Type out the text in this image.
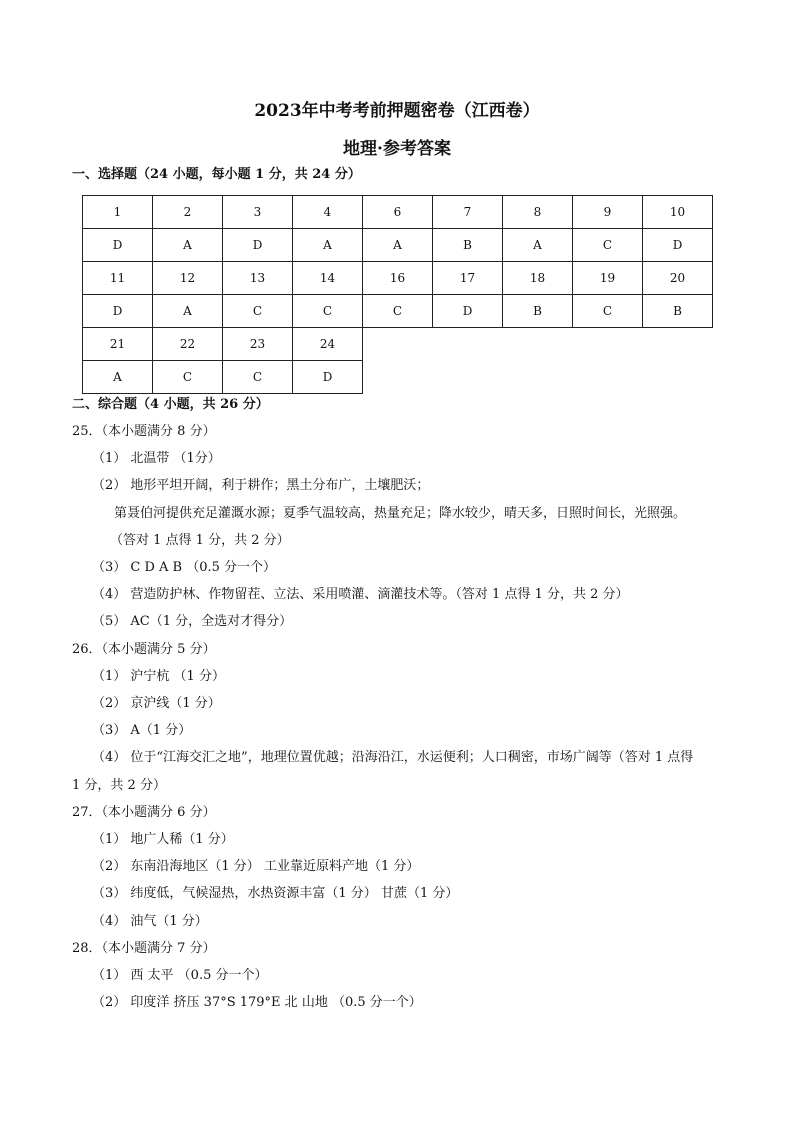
2023年中考考前押题密卷（江西卷）
地理·参考答案
一、选择题（24 小题，每小题 1 分，共 24 分）
1	2	3	4	6	7	8	9	10
D	A	D	A	A	B	A	C	D
11	12	13	14	16	17	18	19	20
D	A	C	C	C	D	B	C	B
21	22	23	24					
A	C	C	D					
二、综合题（4 小题，共 26 分）
25．（本小题满分 8 分）
（1） 北温带 （1分）
（2） 地形平坦开阔，利于耕作；黑土分布广，土壤肥沃；
第聂伯河提供充足灌溉水源；夏季气温较高，热量充足；降水较少，晴天多，日照时间长，光照强。
（答对 1 点得 1 分，共 2 分）
（3） C D A B （0.5 分一个）
（4） 营造防护林、作物留茬、立法、采用喷灌、滴灌技术等。（答对 1 点得 1 分，共 2 分）
（5） AC（1 分，全选对才得分）
26．（本小题满分 5 分）
（1） 沪宁杭 （1 分）
（2） 京沪线（1 分）
（3） A（1 分）
（4） 位于“江海交汇之地”，地理位置优越；沿海沿江，水运便利；人口稠密，市场广阔等（答对 1 点得
1 分，共 2 分）
27．（本小题满分 6 分）
（1） 地广人稀（1 分）
（2） 东南沿海地区（1 分） 工业靠近原料产地（1 分）
（3） 纬度低，气候湿热，水热资源丰富（1 分） 甘蔗（1 分）
（4） 油气（1 分）
28．（本小题满分 7 分）
（1） 西 太平 （0.5 分一个）
（2） 印度洋 挤压 37°S 179°E 北 山地 （0.5 分一个）
